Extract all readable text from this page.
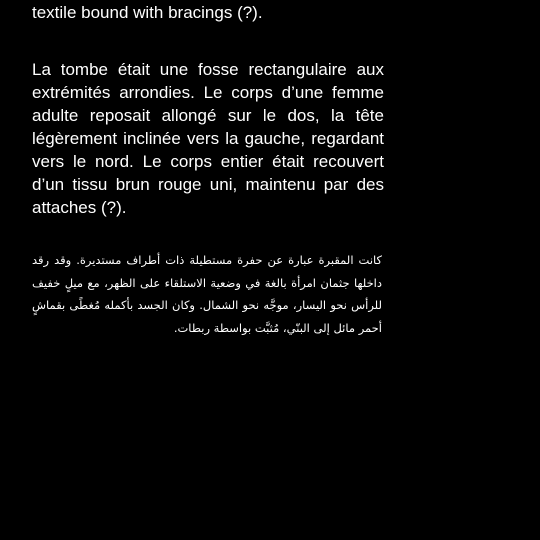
textile bound with bracings (?).

La tombe était une fosse rectangulaire aux extrémités arrondies. Le corps d’une femme adulte reposait allongé sur le dos, la tête légèrement inclinée vers la gauche, regardant vers le nord. Le corps entier était recouvert d’un tissu brun rouge uni, maintenu par des attaches (?).

كانت المقبرة عبارة عن حفرة مستطيلة ذات أطراف مستديرة. وقد رقد داخلها جثمان امرأة بالغة في وضعية الاستلقاء على الظهر، مع ميلٍ خفيف للرأس نحو اليسار، موجَّه نحو الشمال. وكان الجسد بأكمله مُغطًى بقماشٍ أحمر مائل إلى البنّي، مُثبَّت بواسطة ربطات.
